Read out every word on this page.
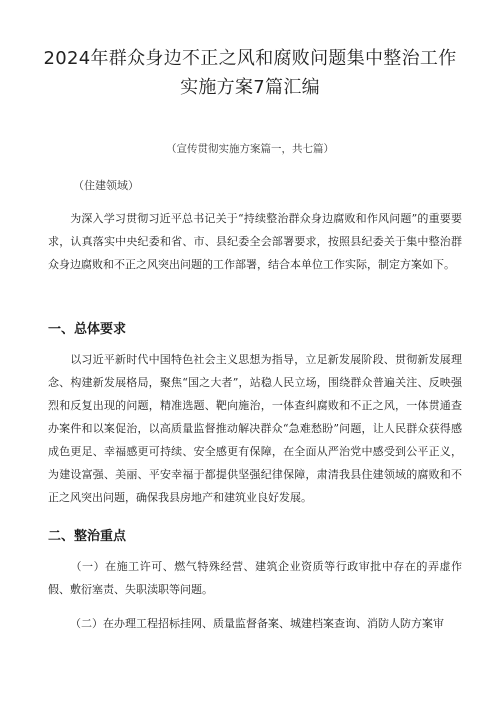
2024年群众身边不正之风和腐败问题集中整治工作
实施方案7篇汇编
（宣传贯彻实施方案篇一，共七篇）
（住建领域）

为深入学习贯彻习近平总书记关于“持续整治群众身边腐败和作风问题”的重要要求，认真落实中央纪委和省、市、县纪委全会部署要求，按照县纪委关于集中整治群众身边腐败和不正之风突出问题的工作部署，结合本单位工作实际，制定方案如下。

一、总体要求

以习近平新时代中国特色社会主义思想为指导，立足新发展阶段、贯彻新发展理念、构建新发展格局，聚焦“国之大者”，站稳人民立场，围绕群众普遍关注、反映强烈和反复出现的问题，精准选题、靶向施治，一体查纠腐败和不正之风，一体贯通查办案件和以案促治，以高质量监督推动解决群众“急难愁盼”问题，让人民群众获得感成色更足、幸福感更可持续、安全感更有保障，在全面从严治党中感受到公平正义，为建设富强、美丽、平安幸福于都提供坚强纪律保障，肃清我县住建领域的腐败和不正之风突出问题，确保我县房地产和建筑业良好发展。

二、整治重点

（一）在施工许可、燃气特殊经营、建筑企业资质等行政审批中存在的弄虚作假、敷衍塞责、失职渎职等问题。

（二）在办理工程招标挂网、质量监督备案、城建档案查询、消防人防方案审
